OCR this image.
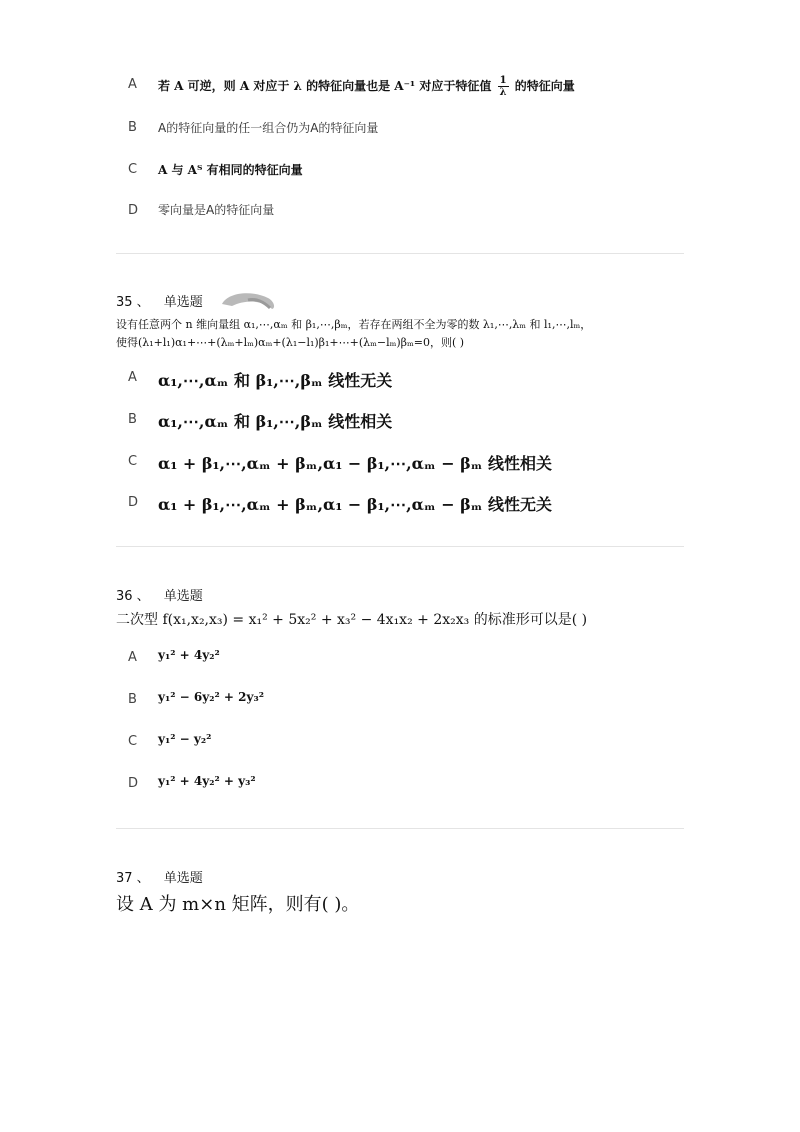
A 若 A 可逆，则 A 对应于 λ 的特征向量也是 A⁻¹ 对应于特征值 $\frac{1}{\lambda}$ 的特征向量
B A的特征向量的任一组合仍为A的特征向量
C A 与 Aᵀ 有相同的特征向量
D 零向量是A的特征向量
35 、 单选题
设有任意两个 n 维向量组 α₁,⋯,αₘ 和 β₁,⋯,βₘ，若存在两组不全为零的数 λ₁,⋯,λₘ 和 l₁,⋯,lₘ，
使得(λ₁+l₁)α₁+⋯+(λₘ+lₘ)αₘ+(λ₁−l₁)β₁+⋯+(λₘ−lₘ)βₘ=0，则( )
A α₁,⋯,αₘ 和 β₁,⋯,βₘ 线性无关
B α₁,⋯,αₘ 和 β₁,⋯,βₘ 线性相关
C α₁ + β₁,⋯,αₘ + βₘ,α₁ − β₁,⋯,αₘ − βₘ 线性相关
D α₁ + β₁,⋯,αₘ + βₘ,α₁ − β₁,⋯,αₘ − βₘ 线性无关
36 、 单选题
二次型 f(x₁,x₂,x₃) = x₁² + 5x₂² + x₃² − 4x₁x₂ + 2x₂x₃ 的标准形可以是( )
A y₁² + 4y₂²
B y₁² − 6y₂² + 2y₃²
C y₁² − y₂²
D y₁² + 4y₂² + y₃²
37 、 单选题
设 A 为 m×n 矩阵，则有( )。
